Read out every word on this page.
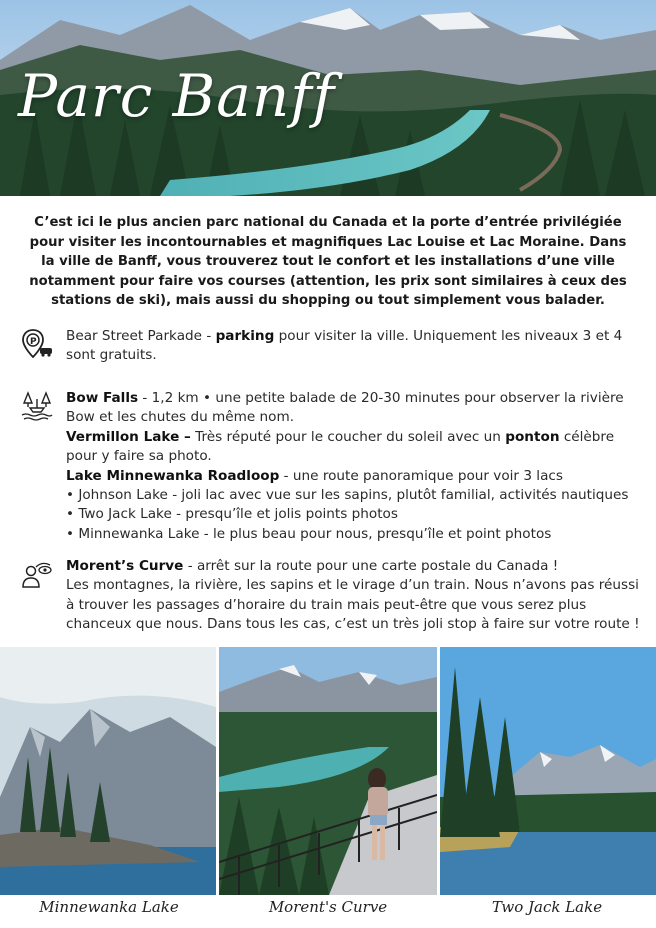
Parc Banff
C’est ici le plus ancien parc national du Canada et la porte d’entrée privilégiée pour visiter les incontournables et magnifiques Lac Louise et Lac Moraine. Dans la ville de Banff, vous trouverez tout le confort et les installations d’une ville notamment pour faire vos courses (attention, les prix sont similaires à ceux des stations de ski), mais aussi du shopping ou tout simplement vous balader.
P Bear Street Parkade - parking pour visiter la ville. Uniquement les niveaux 3 et 4 sont gratuits.
Bow Falls - 1,2 km • une petite balade de 20-30 minutes pour observer la rivière Bow et les chutes du même nom.
Vermillon Lake – Très réputé pour le coucher du soleil avec un ponton célèbre pour y faire sa photo.
Lake Minnewanka Roadloop - une route panoramique pour voir 3 lacs
• Johnson Lake - joli lac avec vue sur les sapins, plutôt familial, activités nautiques
• Two Jack Lake - presqu’île et jolis points photos
• Minnewanka Lake - le plus beau pour nous, presqu’île et point photos
Morent’s Curve - arrêt sur la route pour une carte postale du Canada !
Les montagnes, la rivière, les sapins et le virage d’un train. Nous n’avons pas réussi à trouver les passages d’horaire du train mais peut-être que vous serez plus chanceux que nous. Dans tous les cas, c’est un très joli stop à faire sur votre route !
Minnewanka Lake	Morent's Curve	Two Jack Lake
